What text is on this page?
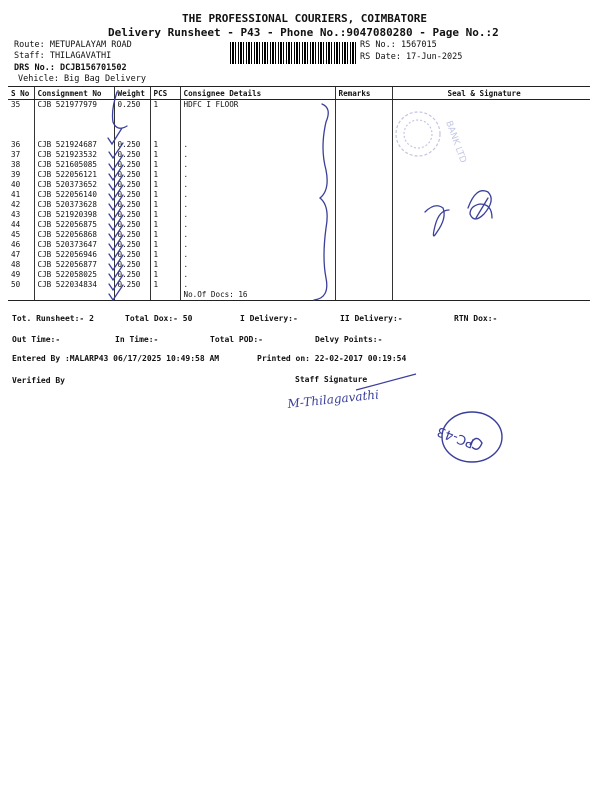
THE PROFESSIONAL COURIERS, COIMBATORE
Delivery Runsheet - P43 - Phone No.:9047080280 - Page No.:2
Route: METUPALAYAM ROAD
Staff: THILAGAVATHI
DRS No.: DCJB156701502
Vehicle: Big Bag Delivery
RS No.: 1567015
RS Date: 17-Jun-2025
S No	Consignment No	Weight	PCS	Consignee Details	Remarks	Seal & Signature
35	CJB 521977979	0.250	1	HDFC I FLOOR		

36	CJB 521924687	0.250	1	.		
37	CJB 521923532	0.250	1	.		
38	CJB 521605085	0.250	1	.		
39	CJB 522056121	0.250	1	.		
40	CJB 520373652	0.250	1	.		
41	CJB 522056140	0.250	1	.		
42	CJB 520373628	0.250	1	.		
43	CJB 521920398	0.250	1	.		
44	CJB 522056875	0.250	1	.		
45	CJB 522056868	0.250	1	.		
46	CJB 520373647	0.250	1	.		
47	CJB 522056946	0.250	1	.		
48	CJB 522056877	0.250	1	.		
49	CJB 522058025	0.250	1	.		
50	CJB 522034834	0.250	1	.		
				No.Of Docs: 16		
Tot. Runsheet:- 2	Total Dox:- 50	I Delivery:-	II Delivery:-	RTN Dox:-
Out Time:-	In Time:-	Total POD:-	Delvy Points:-
Entered By :MALARP43 06/17/2025 10:49:58 AM	Printed on: 22-02-2017 00:19:54
Verified By	Staff Signature
BANK LTD
M-Thilagavathi
PC-43
